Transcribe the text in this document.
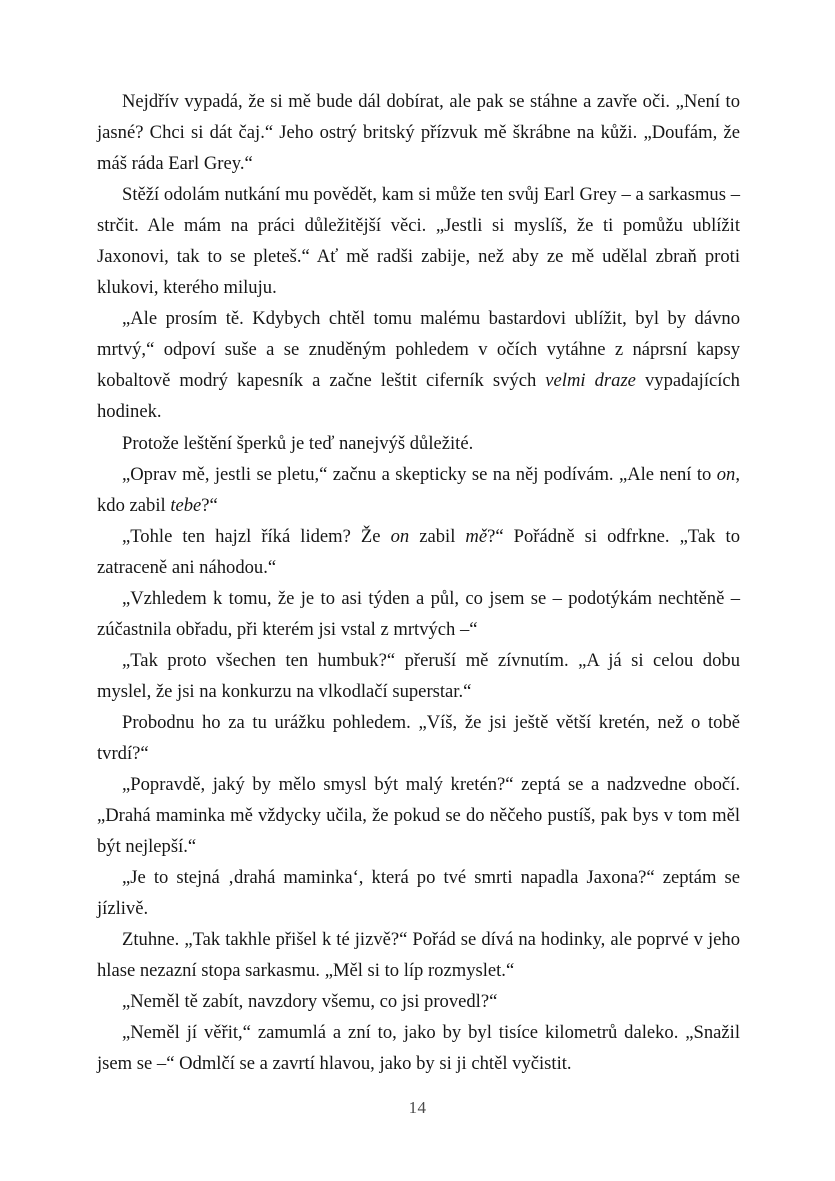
Nejdřív vypadá, že si mě bude dál dobírat, ale pak se stáhne a zavře oči. „Není to jasné? Chci si dát čaj.“ Jeho ostrý britský přízvuk mě škrábne na kůži. „Doufám, že máš ráda Earl Grey.“

Stěží odolám nutkání mu povědět, kam si může ten svůj Earl Grey – a sarkasmus – strčit. Ale mám na práci důležitější věci. „Jestli si myslíš, že ti pomůžu ublížit Jaxonovi, tak to se pleteš.“ Ať mě radši zabije, než aby ze mě udělal zbraň proti klukovi, kterého miluju.

„Ale prosím tě. Kdybych chtěl tomu malému bastardovi ublížit, byl by dávno mrtvý,“ odpoví suše a se znuděným pohledem v očích vytáhne z náprsní kapsy kobaltově modrý kapesník a začne leštit ciferník svých velmi draze vypadajících hodinek.

Protože leštění šperků je teď nanejvýš důležité.

„Oprav mě, jestli se pletu,“ začnu a skepticky se na něj podívám. „Ale není to on, kdo zabil tebe?“

„Tohle ten hajzl říká lidem? Že on zabil mě?“ Pořádně si odfrkne. „Tak to zatraceně ani náhodou.“

„Vzhledem k tomu, že je to asi týden a půl, co jsem se – podotýkám nechtěně – zúčastnila obřadu, při kterém jsi vstal z mrtvých –“

„Tak proto všechen ten humbuk?“ přeruší mě zívnutím. „A já si celou dobu myslel, že jsi na konkurzu na vlkodlačí superstar.“

Probodnu ho za tu urážku pohledem. „Víš, že jsi ještě větší kretén, než o tobě tvrdí?“

„Popravdě, jaký by mělo smysl být malý kretén?“ zeptá se a nadzvedne obočí. „Drahá maminka mě vždycky učila, že pokud se do něčeho pustíš, pak bys v tom měl být nejlepší.“

„Je to stejná ‚drahá maminka‘, která po tvé smrti napadla Jaxona?“ zeptám se jízlivě.

Ztuhne. „Tak takhle přišel k té jizvě?“ Pořád se dívá na hodinky, ale poprvé v jeho hlase nezazní stopa sarkasmu. „Měl si to líp rozmyslet.“

„Neměl tě zabít, navzdory všemu, co jsi provedl?“

„Neměl jí věřit,“ zamumlá a zní to, jako by byl tisíce kilometrů daleko. „Snažil jsem se –“ Odmlčí se a zavrtí hlavou, jako by si ji chtěl vyčistit.

14
